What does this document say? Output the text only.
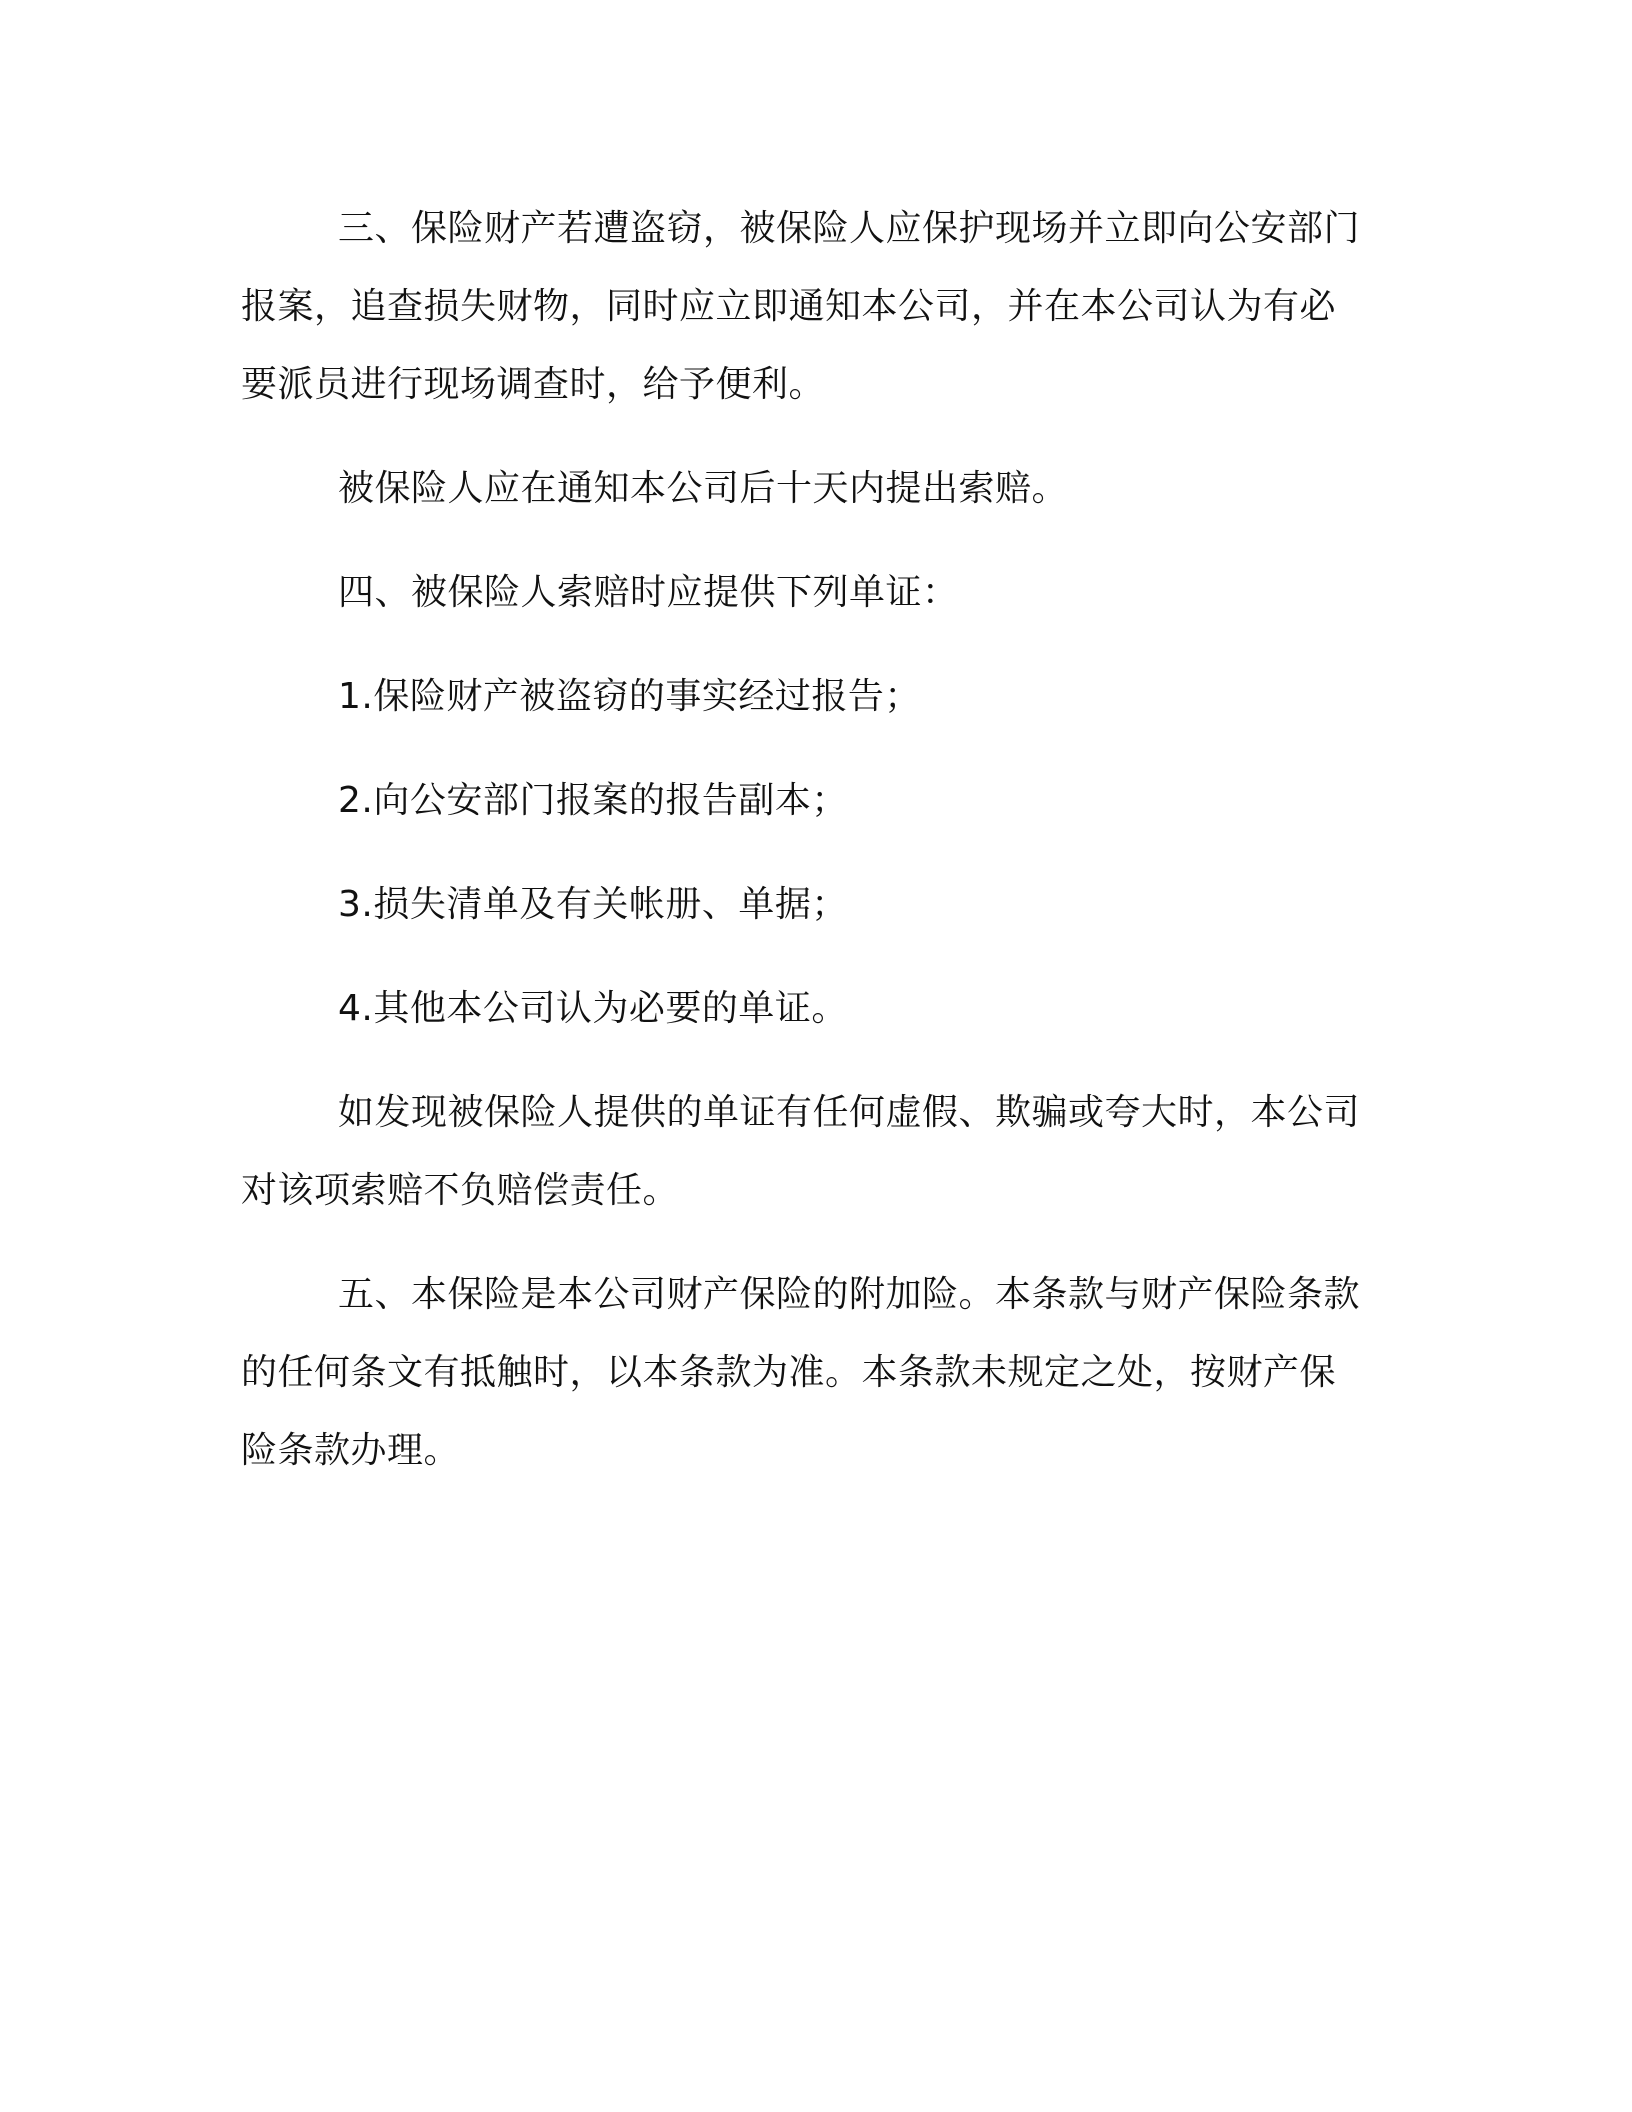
三、保险财产若遭盗窃，被保险人应保护现场并立即向公安部门
报案，追查损失财物，同时应立即通知本公司，并在本公司认为有必
要派员进行现场调查时，给予便利。

被保险人应在通知本公司后十天内提出索赔。

四、被保险人索赔时应提供下列单证：

1.保险财产被盗窃的事实经过报告；

2.向公安部门报案的报告副本；

3.损失清单及有关帐册、单据；

4.其他本公司认为必要的单证。

如发现被保险人提供的单证有任何虚假、欺骗或夸大时，本公司
对该项索赔不负赔偿责任。

五、本保险是本公司财产保险的附加险。本条款与财产保险条款
的任何条文有抵触时，以本条款为准。本条款未规定之处，按财产保
险条款办理。
